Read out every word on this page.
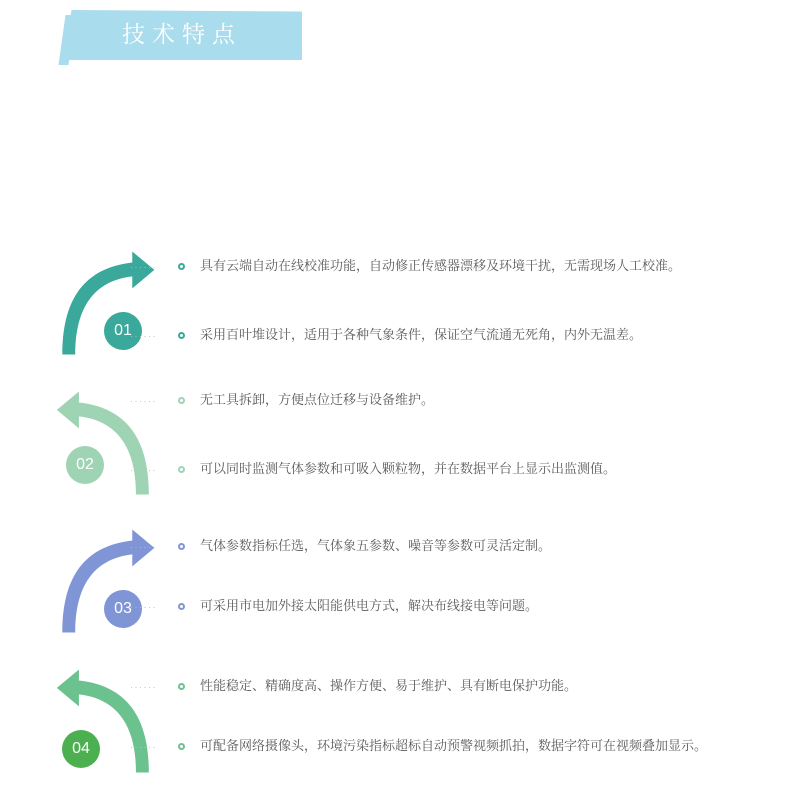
技术特点
01
······	具有云端自动在线校准功能，自动修正传感器漂移及环境干扰，无需现场人工校准。
······	采用百叶堆设计，适用于各种气象条件，保证空气流通无死角，内外无温差。
02
······	无工具拆卸，方便点位迁移与设备维护。
······	可以同时监测气体参数和可吸入颗粒物，并在数据平台上显示出监测值。
03
······	气体参数指标任选，气体象五参数、噪音等参数可灵活定制。
······	可采用市电加外接太阳能供电方式，解决布线接电等问题。
04
······	性能稳定、精确度高、操作方便、易于维护、具有断电保护功能。
······	可配备网络摄像头，环境污染指标超标自动预警视频抓拍，数据字符可在视频叠加显示。
